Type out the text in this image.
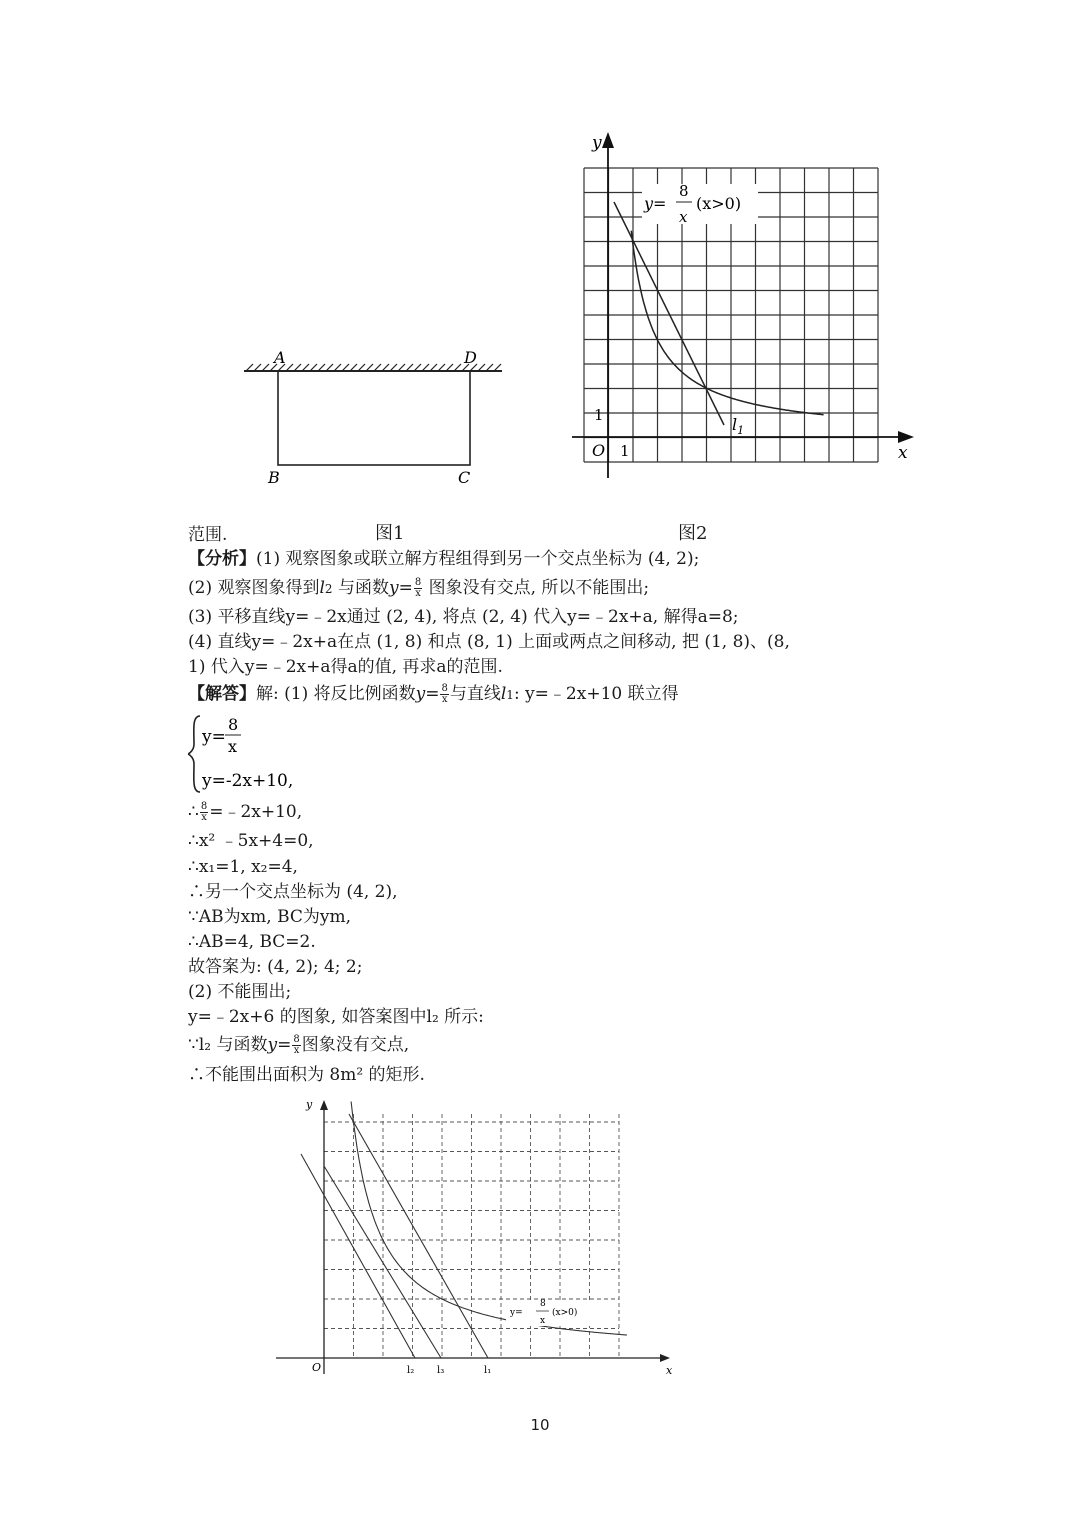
A	D
B	C
y
x
O 1
1
y=
8
x
(x>0)
$l_1$
图1	图2
范围.
【分析】(1) 观察图象或联立解方程组得到另一个交点坐标为 (4, 2);
(2) 观察图象得到l2 与函数$y= \frac{8}{x}$ 图象没有交点, 所以不能围出;
(3) 平移直线y=﹣2x通过 (2, 4), 将点 (2, 4) 代入y=﹣2x+a, 解得a=8;
(4) 直线y=﹣2x+a在点 (1, 8) 和点 (8, 1) 上面或两点之间移动, 把 (1, 8)、(8,
1) 代入y=﹣2x+a得a的值, 再求a的范围.
【解答】解: (1) 将反比例函数$y= \frac{8}{x}$ 与直线l1: y=﹣2x+10 联立得
y=
8
x
y=-2x+10,
∴ $\frac{8}{x}$ =﹣2x+10,
∴x² ﹣5x+4=0,
∴x₁=1, x₂=4,
∴另一个交点坐标为 (4, 2),
∵AB为xm, BC为ym,
∴AB=4, BC=2.
故答案为: (4, 2); 4; 2;
(2) 不能围出;
y=﹣2x+6 的图象, 如答案图中l₂ 所示:
∵l₂ 与函数$y= \frac{8}{x}$ 图象没有交点,
∴不能围出面积为 8m² 的矩形.
y
x
O	l₂ l₃	l₁
y=
8
x
(x>0)
10
